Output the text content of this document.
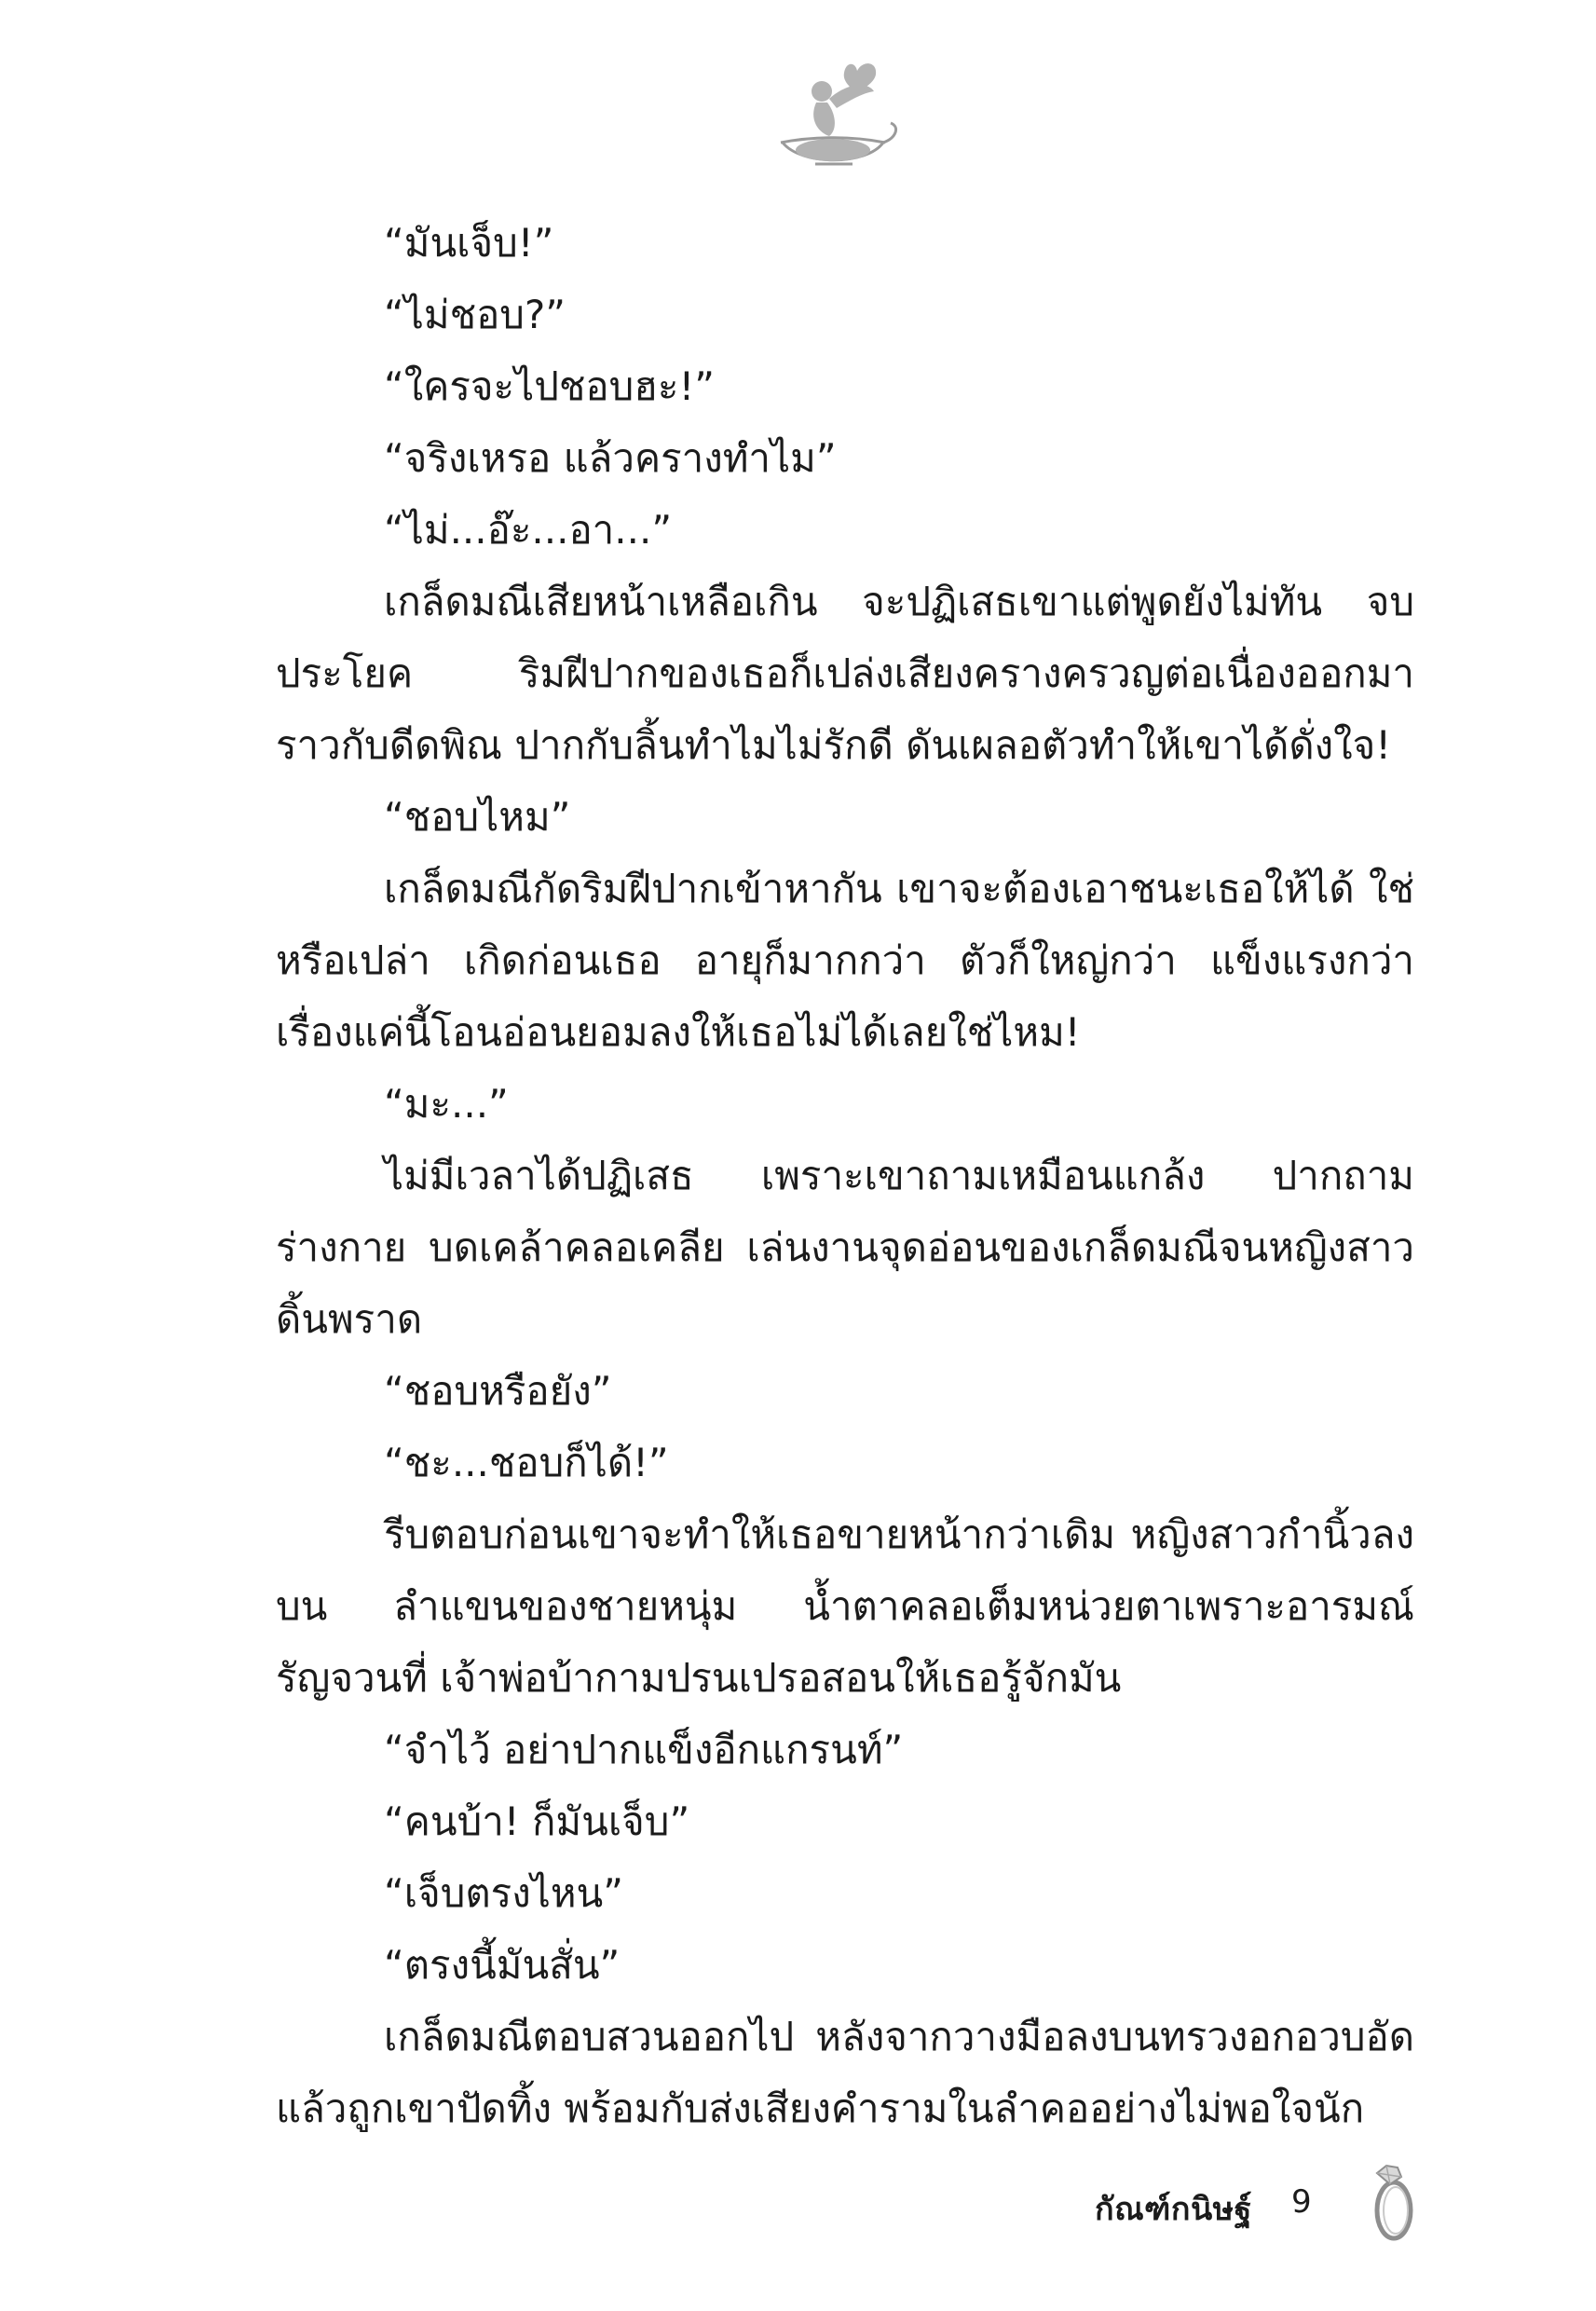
“มันเจ็บ!”

“ไม่ชอบ?”

“ใครจะไปชอบฮะ!”

“จริงเหรอ แล้วครางทำไม”

“ไม่...อ๊ะ...อา...”

เกล็ดมณีเสียหน้าเหลือเกิน จะปฏิเสธเขาแต่พูดยังไม่ทัน จบประโยค ริมฝีปากของเธอก็เปล่งเสียงครางครวญต่อเนื่องออกมา ราวกับดีดพิณ ปากกับลิ้นทำไมไม่รักดี ดันเผลอตัวทำให้เขาได้ดั่งใจ!

“ชอบไหม”

เกล็ดมณีกัดริมฝีปากเข้าหากัน เขาจะต้องเอาชนะเธอให้ได้ ใช่หรือเปล่า เกิดก่อนเธอ อายุก็มากกว่า ตัวก็ใหญ่กว่า แข็งแรงกว่า เรื่องแค่นี้โอนอ่อนยอมลงให้เธอไม่ได้เลยใช่ไหม!

“มะ...”

ไม่มีเวลาได้ปฏิเสธ เพราะเขาถามเหมือนแกล้ง ปากถาม ร่างกาย บดเคล้าคลอเคลีย เล่นงานจุดอ่อนของเกล็ดมณีจนหญิงสาวดิ้นพราด

“ชอบหรือยัง”

“ชะ...ชอบก็ได้!”

รีบตอบก่อนเขาจะทำให้เธอขายหน้ากว่าเดิม หญิงสาวกำนิ้วลงบน ลำแขนของชายหนุ่ม น้ำตาคลอเต็มหน่วยตาเพราะอารมณ์รัญจวนที่ เจ้าพ่อบ้ากามปรนเปรอสอนให้เธอรู้จักมัน

“จำไว้ อย่าปากแข็งอีกแกรนท์”

“คนบ้า! ก็มันเจ็บ”

“เจ็บตรงไหน”

“ตรงนี้มันสั่น”

เกล็ดมณีตอบสวนออกไป หลังจากวางมือลงบนทรวงอกอวบอัด แล้วถูกเขาปัดทิ้ง พร้อมกับส่งเสียงคำรามในลำคออย่างไม่พอใจนัก

กัณฑ์กนิษฐ์ 9
